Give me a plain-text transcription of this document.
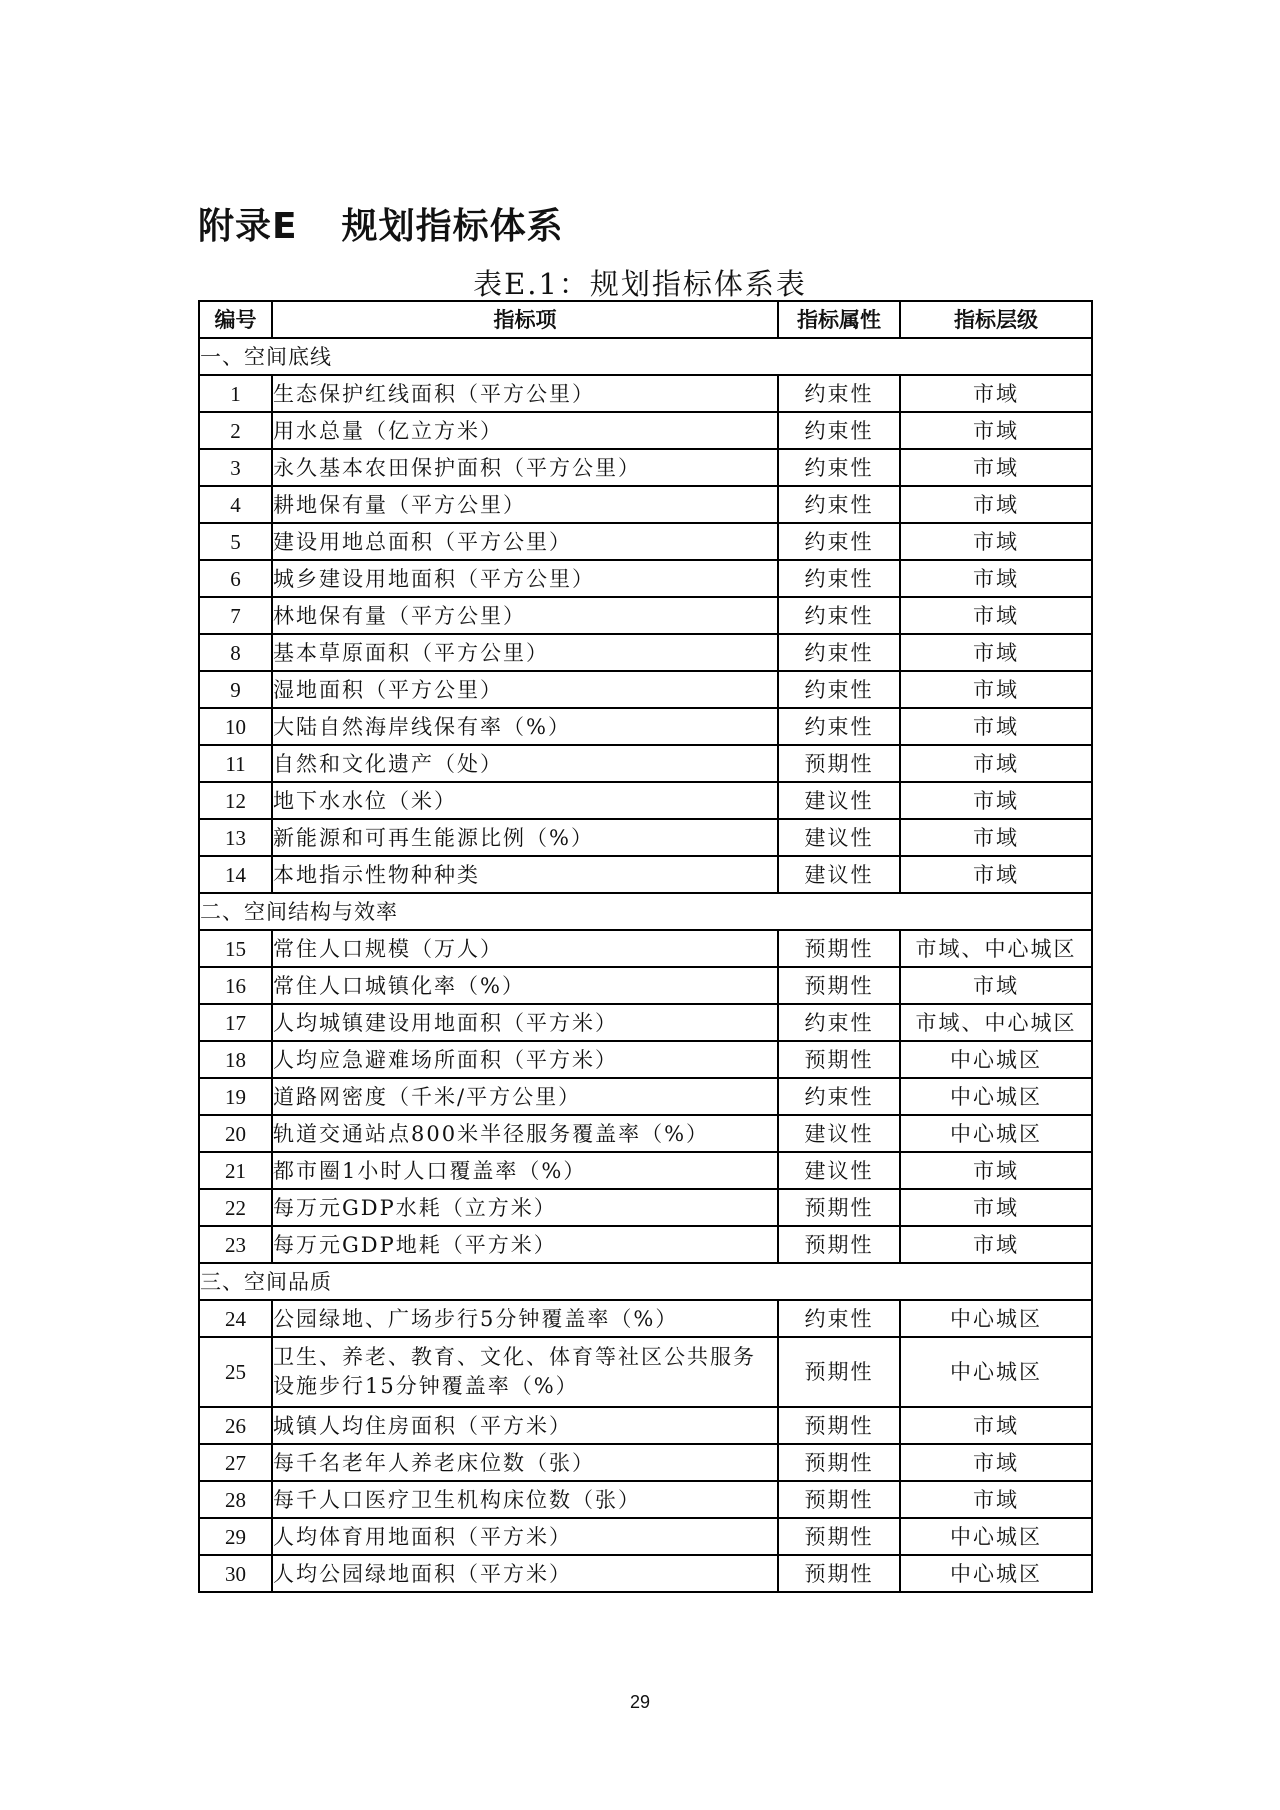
附录E 规划指标体系
表E.1：规划指标体系表
编号	指标项	指标属性	指标层级
一、空间底线			
1	生态保护红线面积（平方公里）	约束性	市域
2	用水总量（亿立方米）	约束性	市域
3	永久基本农田保护面积（平方公里）	约束性	市域
4	耕地保有量（平方公里）	约束性	市域
5	建设用地总面积（平方公里）	约束性	市域
6	城乡建设用地面积（平方公里）	约束性	市域
7	林地保有量（平方公里）	约束性	市域
8	基本草原面积（平方公里）	约束性	市域
9	湿地面积（平方公里）	约束性	市域
10	大陆自然海岸线保有率（%）	约束性	市域
11	自然和文化遗产（处）	预期性	市域
12	地下水水位（米）	建议性	市域
13	新能源和可再生能源比例（%）	建议性	市域
14	本地指示性物种种类	建议性	市域
二、空间结构与效率			
15	常住人口规模（万人）	预期性	市域、中心城区
16	常住人口城镇化率（%）	预期性	市域
17	人均城镇建设用地面积（平方米）	约束性	市域、中心城区
18	人均应急避难场所面积（平方米）	预期性	中心城区
19	道路网密度（千米/平方公里）	约束性	中心城区
20	轨道交通站点800米半径服务覆盖率（%）	建议性	中心城区
21	都市圈1小时人口覆盖率（%）	建议性	市域
22	每万元GDP水耗（立方米）	预期性	市域
23	每万元GDP地耗（平方米）	预期性	市域
三、空间品质			
24	公园绿地、广场步行5分钟覆盖率（%）	约束性	中心城区
25	卫生、养老、教育、文化、体育等社区公共服务设施步行15分钟覆盖率（%）	预期性	中心城区
26	城镇人均住房面积（平方米）	预期性	市域
27	每千名老年人养老床位数（张）	预期性	市域
28	每千人口医疗卫生机构床位数（张）	预期性	市域
29	人均体育用地面积（平方米）	预期性	中心城区
30	人均公园绿地面积（平方米）	预期性	中心城区
29
